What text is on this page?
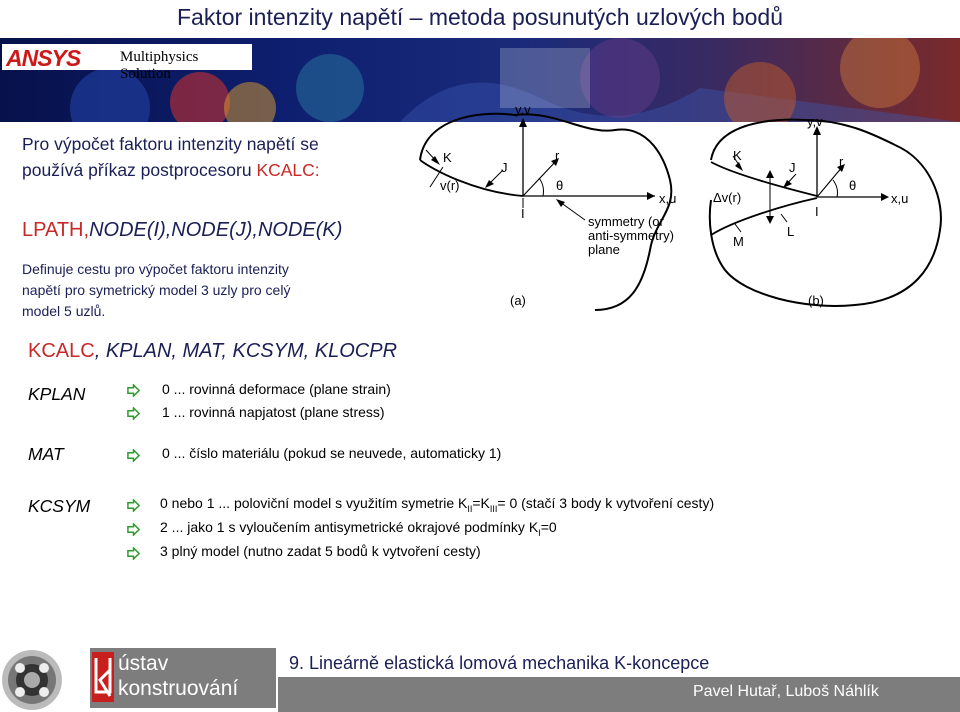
Faktor intenzity napětí – metoda posunutých uzlových bodů
ANSYS	Multiphysics Solution
Pro výpočet faktoru intenzity napětí se
používá příkaz postprocesoru KCALC:
LPATH,NODE(I),NODE(J),NODE(K)
Definuje cestu pro výpočet faktoru intenzity
napětí pro symetrický model 3 uzly pro celý
model 5 uzlů.
KCALC, KPLAN, MAT, KCSYM, KLOCPR
KPLAN	0 ... rovinná deformace (plane strain)
1 ... rovinná napjatost (plane stress)
MAT	0 ... číslo materiálu (pokud se neuvede, automaticky 1)
KCSYM	0 nebo 1 ... poloviční model s využitím symetrie $K_{II}=K_{III}= 0$ (stačí 3 body k vytvoření cesty)
2 ... jako 1 s vyloučením antisymetrické okrajové podmínky $K_I=0$
3 plný model (nutno zadat 5 bodů k vytvoření cesty)
y,v
x,u
K
J
I
r
θ
v(r)
symmetry (or
anti-symmetry)
plane
(a)
y,v
x,u
K
J
I
L
M
r
θ
Δv(r)
(b)
9. Lineárně elastická lomová mechanika K-koncepce
Pavel Hutař, Luboš Náhlík
ústav
konstruování
